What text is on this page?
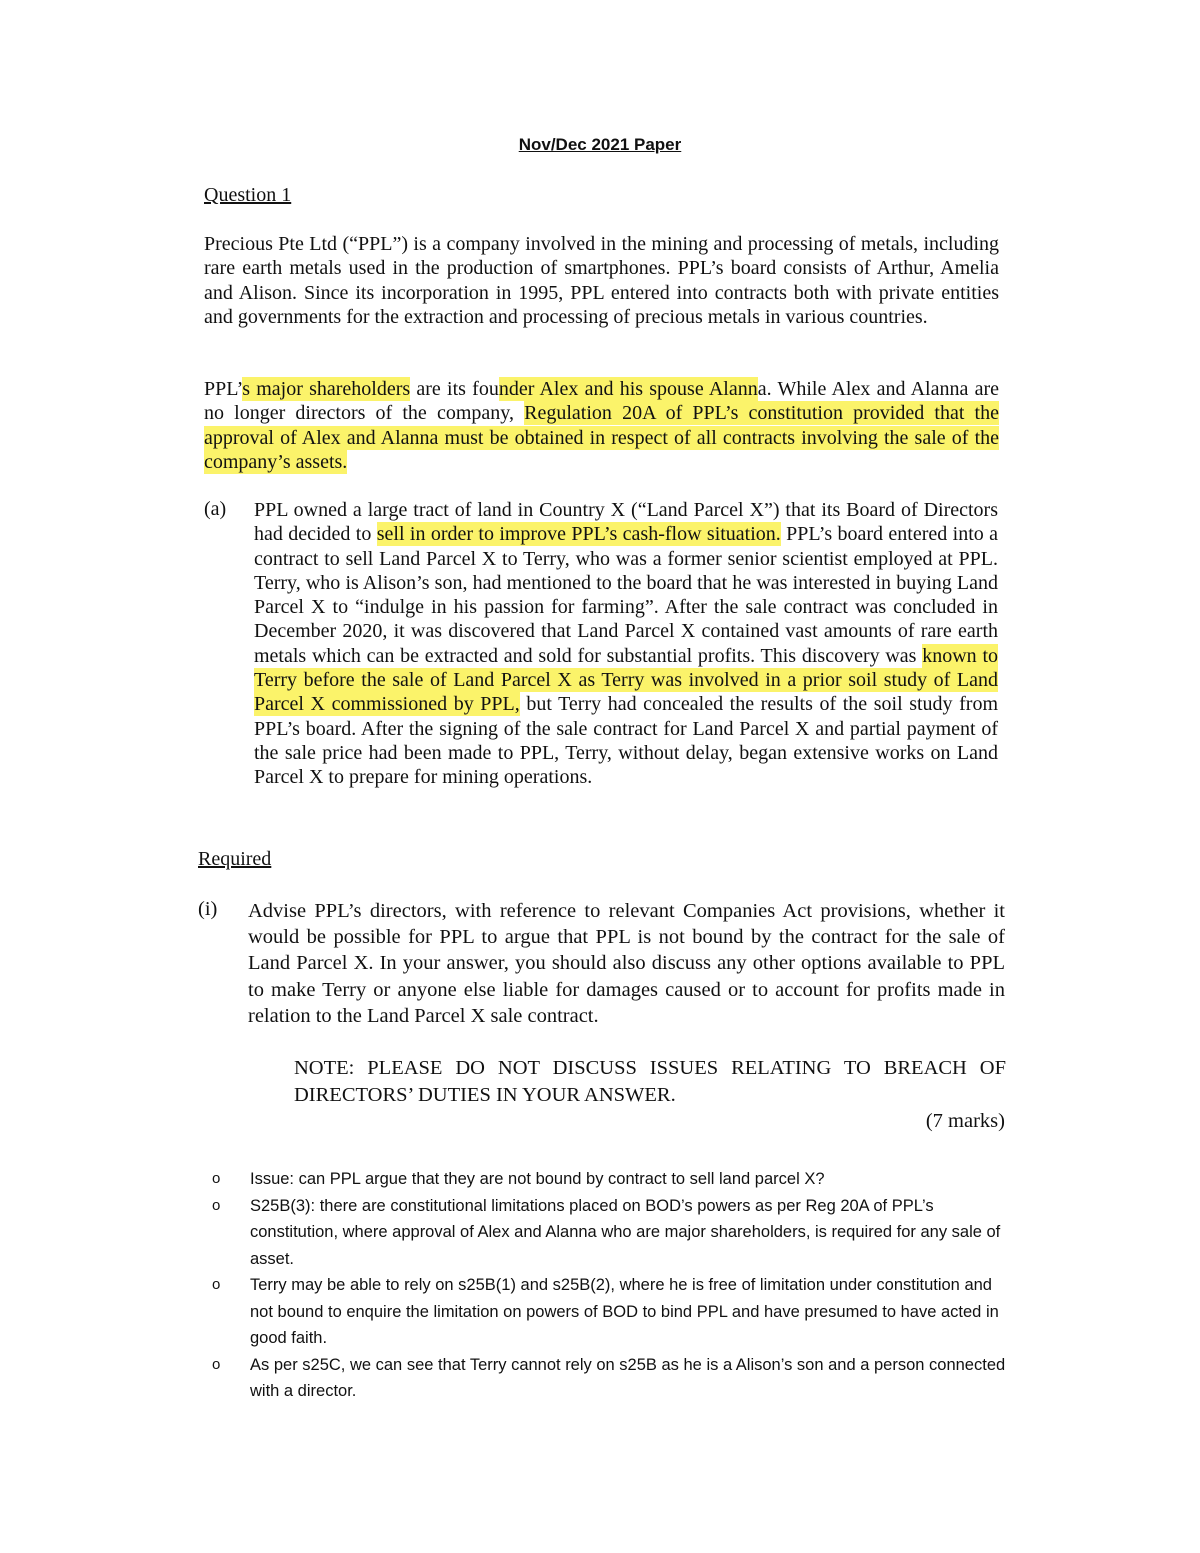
Nov/Dec 2021 Paper
Question 1

Precious Pte Ltd (“PPL”) is a company involved in the mining and processing of metals, including rare earth metals used in the production of smartphones. PPL’s board consists of Arthur, Amelia and Alison. Since its incorporation in 1995, PPL entered into contracts both with private entities and governments for the extraction and processing of precious metals in various countries.

PPL’s major shareholders are its founder Alex and his spouse Alanna. While Alex and Alanna are no longer directors of the company, Regulation 20A of PPL’s constitution provided that the approval of Alex and Alanna must be obtained in respect of all contracts involving the sale of the company’s assets.

(a) PPL owned a large tract of land in Country X (“Land Parcel X”) that its Board of Directors had decided to sell in order to improve PPL’s cash-flow situation. PPL’s board entered into a contract to sell Land Parcel X to Terry, who was a former senior scientist employed at PPL. Terry, who is Alison’s son, had mentioned to the board that he was interested in buying Land Parcel X to “indulge in his passion for farming”. After the sale contract was concluded in December 2020, it was discovered that Land Parcel X contained vast amounts of rare earth metals which can be extracted and sold for substantial profits. This discovery was known to Terry before the sale of Land Parcel X as Terry was involved in a prior soil study of Land Parcel X commissioned by PPL, but Terry had concealed the results of the soil study from PPL’s board. After the signing of the sale contract for Land Parcel X and partial payment of the sale price had been made to PPL, Terry, without delay, began extensive works on Land Parcel X to prepare for mining operations.
Required
(i) Advise PPL’s directors, with reference to relevant Companies Act provisions, whether it would be possible for PPL to argue that PPL is not bound by the contract for the sale of Land Parcel X. In your answer, you should also discuss any other options available to PPL to make Terry or anyone else liable for damages caused or to account for profits made in relation to the Land Parcel X sale contract.
NOTE: PLEASE DO NOT DISCUSS ISSUES RELATING TO BREACH OF DIRECTORS’ DUTIES IN YOUR ANSWER.
(7 marks)
o Issue: can PPL argue that they are not bound by contract to sell land parcel X?
o S25B(3): there are constitutional limitations placed on BOD’s powers as per Reg 20A of PPL’s constitution, where approval of Alex and Alanna who are major shareholders, is required for any sale of asset.
o Terry may be able to rely on s25B(1) and s25B(2), where he is free of limitation under constitution and not bound to enquire the limitation on powers of BOD to bind PPL and have presumed to have acted in good faith.
o As per s25C, we can see that Terry cannot rely on s25B as he is a Alison’s son and a person connected with a director.
